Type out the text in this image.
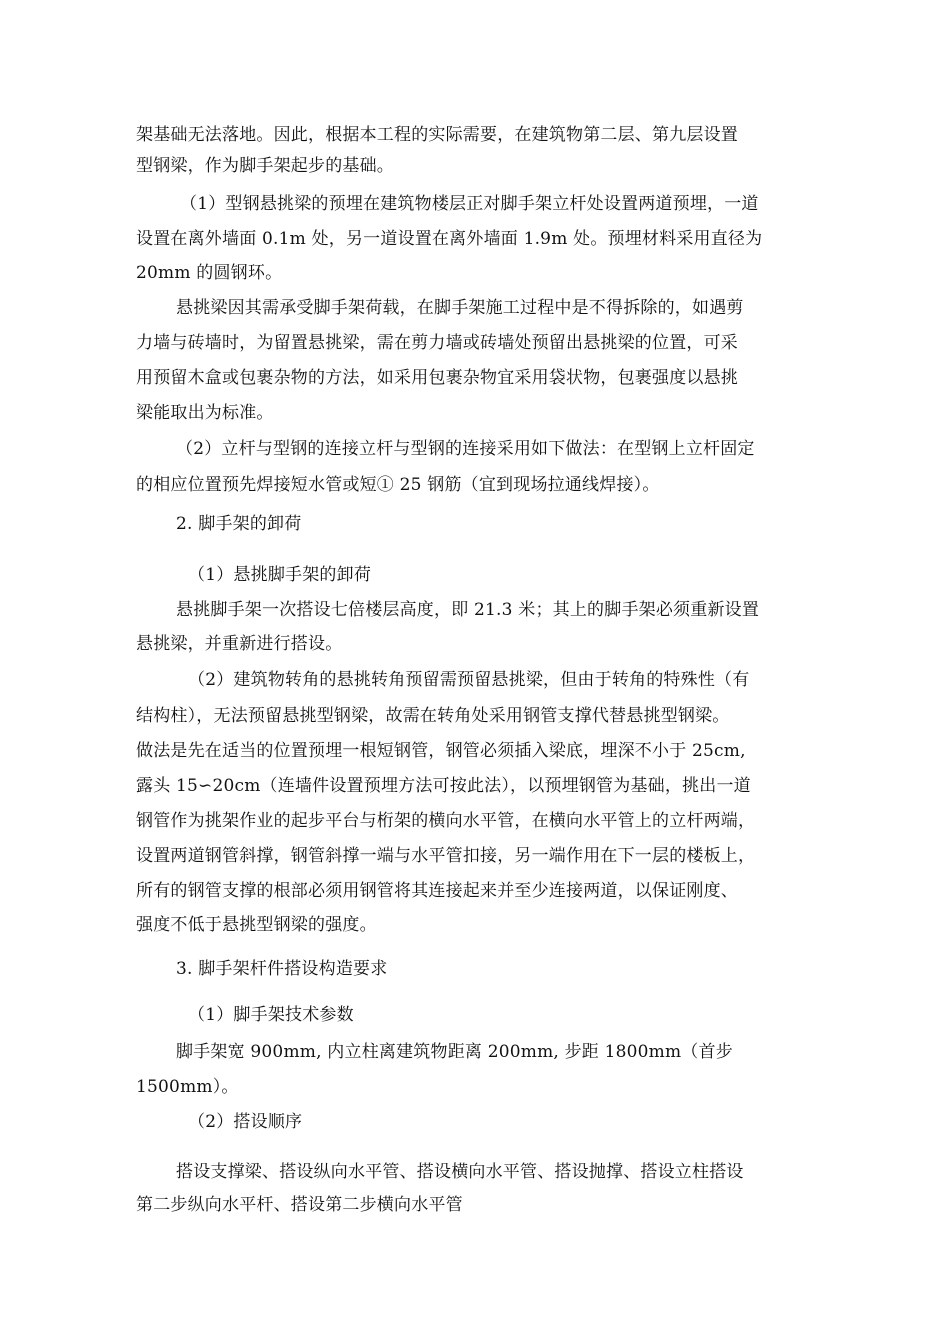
架基础无法落地。因此，根据本工程的实际需要，在建筑物第二层、第九层设置
型钢梁，作为脚手架起步的基础。
（1）型钢悬挑梁的预埋在建筑物楼层正对脚手架立杆处设置两道预埋，一道
设置在离外墙面 0.1m 处，另一道设置在离外墙面 1.9m 处。预埋材料采用直径为
20mm 的圆钢环。
悬挑梁因其需承受脚手架荷载，在脚手架施工过程中是不得拆除的，如遇剪
力墙与砖墙时，为留置悬挑梁，需在剪力墙或砖墙处预留出悬挑梁的位置，可采
用预留木盒或包裹杂物的方法，如采用包裹杂物宜采用袋状物，包裹强度以悬挑
梁能取出为标准。
（2）立杆与型钢的连接立杆与型钢的连接采用如下做法：在型钢上立杆固定
的相应位置预先焊接短水管或短① 25 钢筋（宜到现场拉通线焊接）。
2. 脚手架的卸荷
（1）悬挑脚手架的卸荷
悬挑脚手架一次搭设七倍楼层高度，即 21.3 米；其上的脚手架必须重新设置
悬挑梁，并重新进行搭设。
（2）建筑物转角的悬挑转角预留需预留悬挑梁，但由于转角的特殊性（有
结构柱），无法预留悬挑型钢梁，故需在转角处采用钢管支撑代替悬挑型钢梁。
做法是先在适当的位置预埋一根短钢管，钢管必须插入梁底，埋深不小于 25cm,
露头 15∽20cm（连墙件设置预埋方法可按此法），以预埋钢管为基础，挑出一道
钢管作为挑架作业的起步平台与桁架的横向水平管，在横向水平管上的立杆两端，
设置两道钢管斜撑，钢管斜撑一端与水平管扣接，另一端作用在下一层的楼板上，
所有的钢管支撑的根部必须用钢管将其连接起来并至少连接两道，以保证刚度、
强度不低于悬挑型钢梁的强度。
3. 脚手架杆件搭设构造要求
（1）脚手架技术参数
脚手架宽 900mm, 内立柱离建筑物距离 200mm, 步距 1800mm（首步
1500mm）。
（2）搭设顺序
搭设支撑梁、搭设纵向水平管、搭设横向水平管、搭设抛撑、搭设立柱搭设
第二步纵向水平杆、搭设第二步横向水平管
